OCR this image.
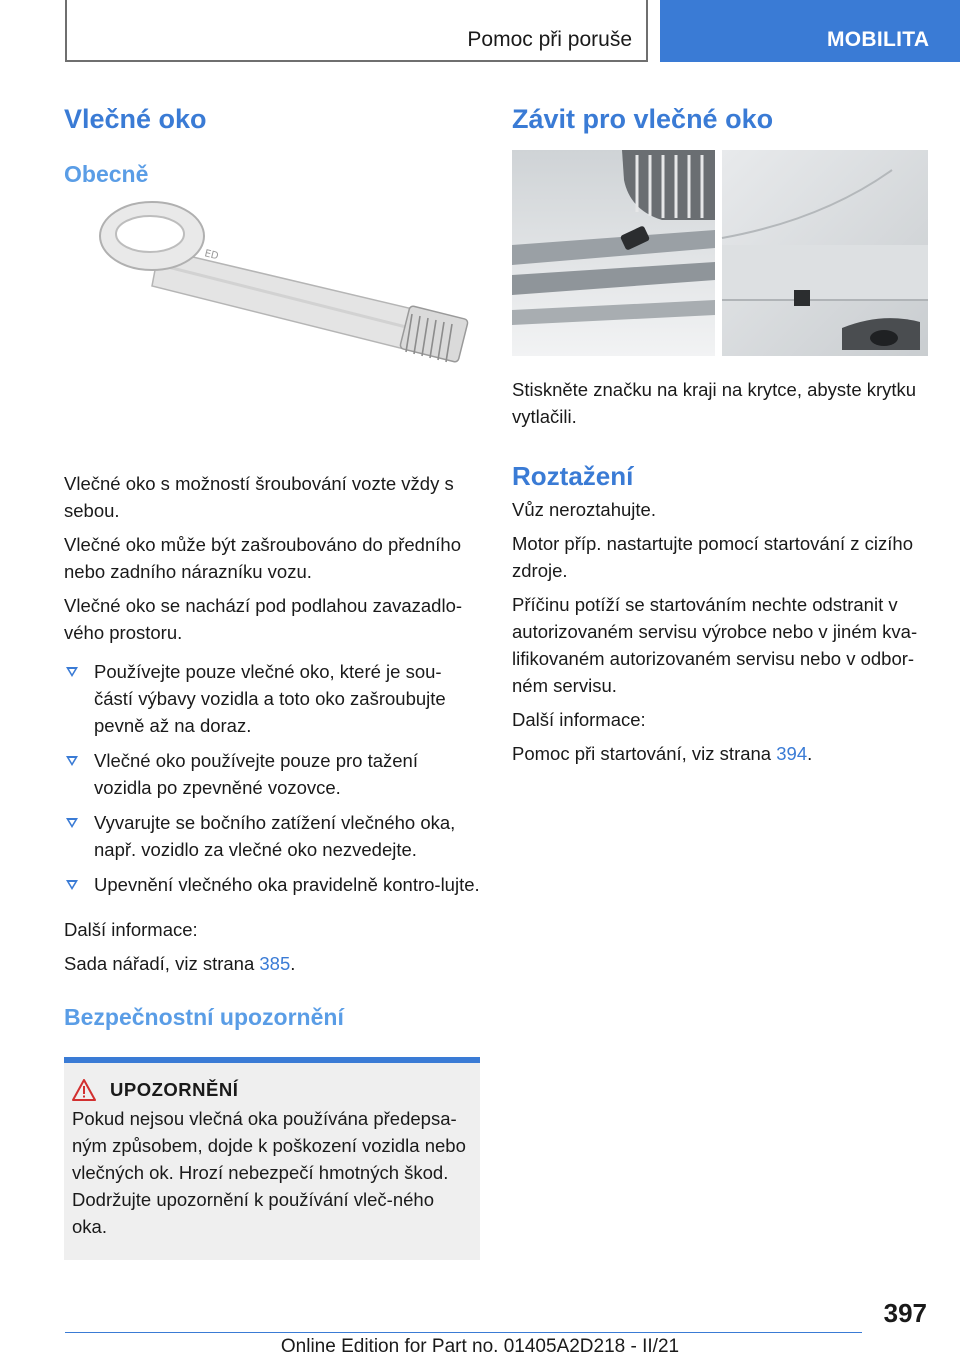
Pomoc při poruše	MOBILITA
Vlečné oko
Obecně
ED

Vlečné oko s možností šroubování vozte vždy s sebou.

Vlečné oko může být zašroubováno do předního nebo zadního nárazníku vozu.

Vlečné oko se nachází pod podlahou zavazadlo-vého prostoru.

Používejte pouze vlečné oko, které je sou-částí výbavy vozidla a toto oko zašroubujte pevně až na doraz.
Vlečné oko používejte pouze pro tažení vozidla po zpevněné vozovce.
Vyvarujte se bočního zatížení vlečného oka, např. vozidlo za vlečné oko nezvedejte.
Upevnění vlečného oka pravidelně kontro-lujte.

Další informace:

Sada nářadí, viz strana 385.

Bezpečnostní upozornění
UPOZORNĚNÍ

Pokud nejsou vlečná oka používána předepsa-ným způsobem, dojde k poškození vozidla nebo vlečných ok. Hrozí nebezpečí hmotných škod. Dodržujte upozornění k používání vleč-ného oka.

Závit pro vlečné oko

Stiskněte značku na kraji na krytce, abyste krytku vytlačili.

Roztažení

Vůz neroztahujte.

Motor příp. nastartujte pomocí startování z cizího zdroje.

Příčinu potíží se startováním nechte odstranit v autorizovaném servisu výrobce nebo v jiném kva-lifikovaném autorizovaném servisu nebo v odbor-ném servisu.

Další informace:

Pomoc při startování, viz strana 394.

397
Online Edition for Part no. 01405A2D218 - II/21
